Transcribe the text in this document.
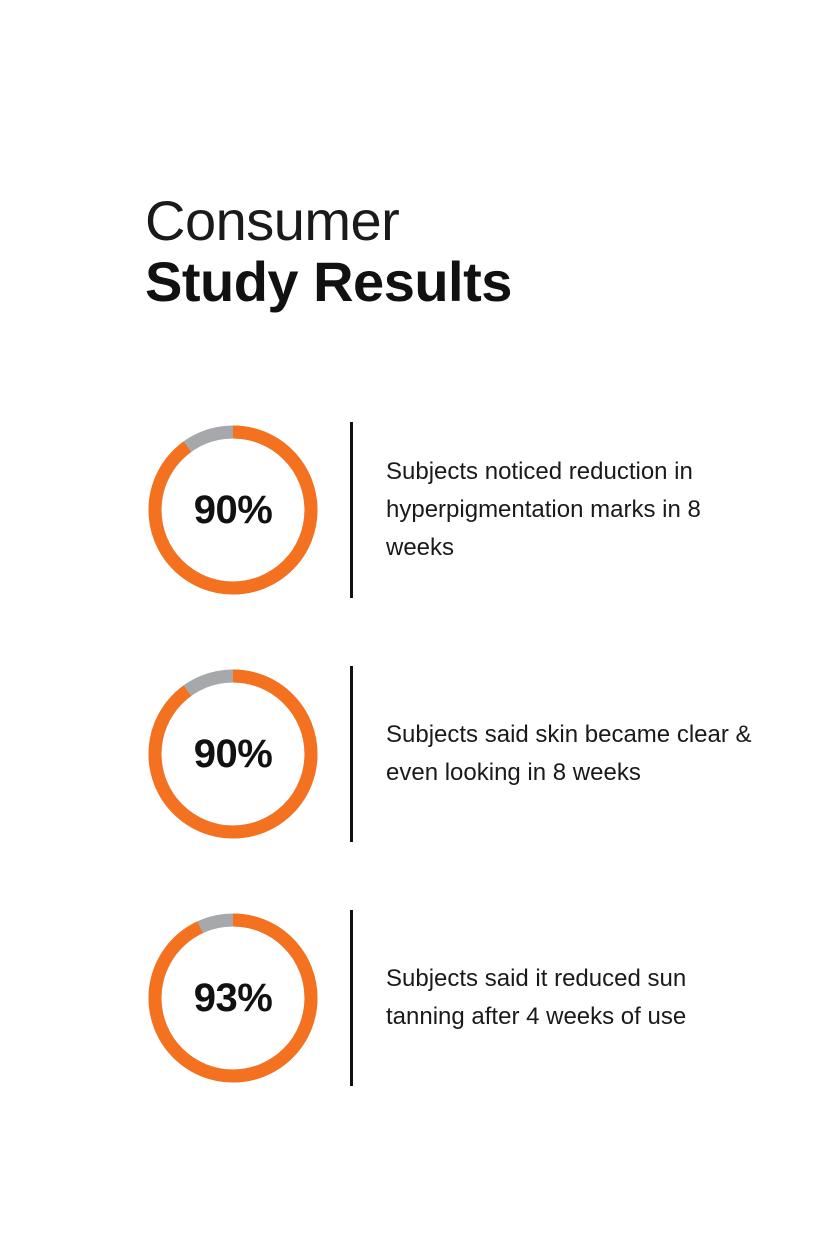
Consumer
Study Results
90%
Subjects noticed reduction in hyperpigmentation marks in 8 weeks
90%	Subjects said skin became clear & even looking in 8 weeks
93%	Subjects said it reduced sun tanning after 4 weeks of use
